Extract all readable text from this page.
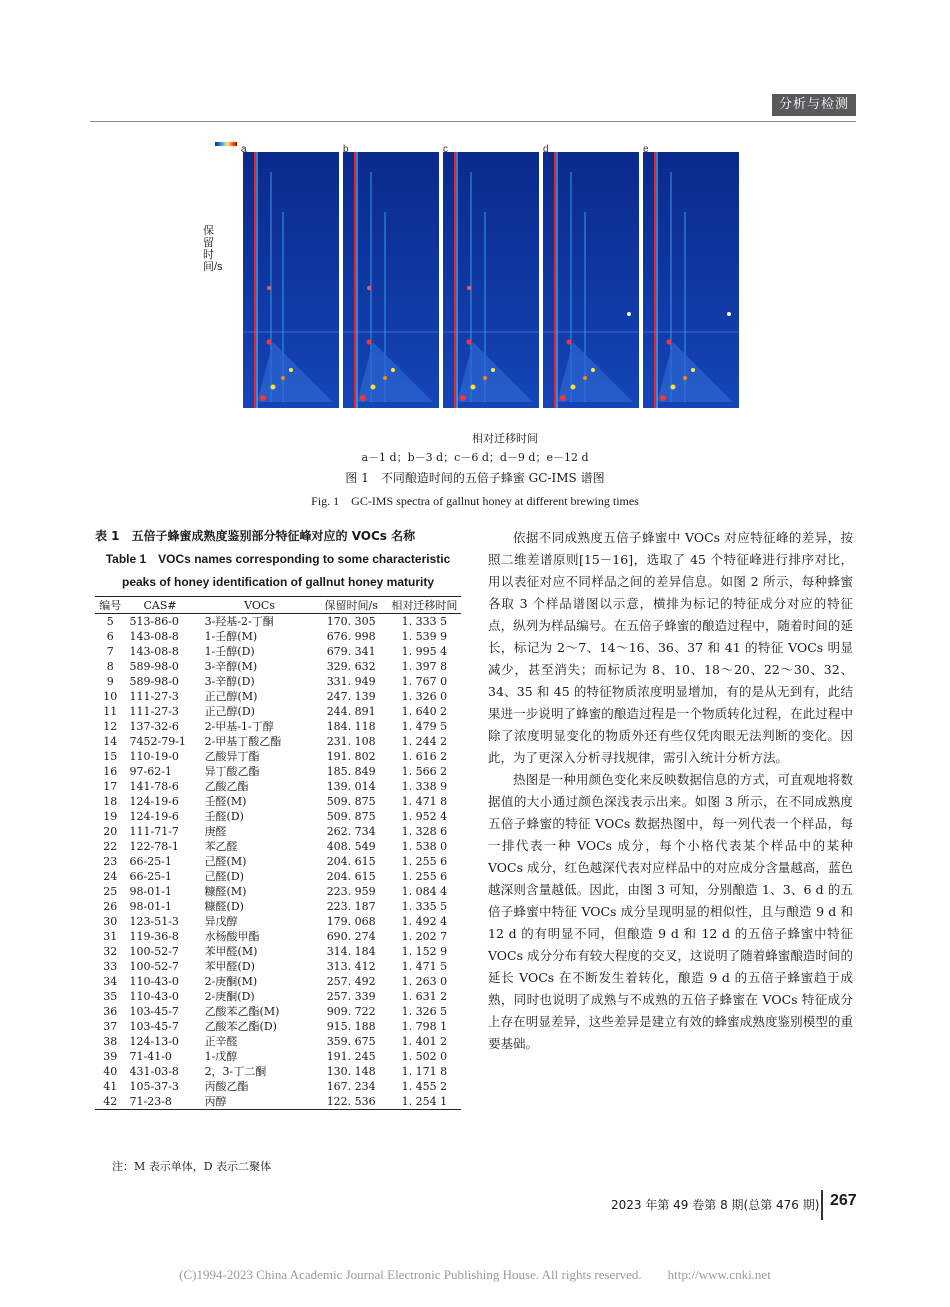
分析与检测
a	b	c	d	e
保留时间/s
相对迁移时间
a－1 d；b－3 d；c－6 d；d－9 d；e－12 d
图 1　不同酿造时间的五倍子蜂蜜 GC-IMS 谱图
Fig. 1　GC-IMS spectra of gallnut honey at different brewing times
表 1　五倍子蜂蜜成熟度鉴别部分特征峰对应的 VOCs 名称
Table 1　VOCs names corresponding to some characteristic peaks of honey identification of gallnut honey maturity
编号	CAS#	VOCs	保留时间/s	相对迁移时间
5	513-86-0	3-羟基-2-丁酮	170. 305	1. 333 5
6	143-08-8	1-壬醇(M)	676. 998	1. 539 9
7	143-08-8	1-壬醇(D)	679. 341	1. 995 4
8	589-98-0	3-辛醇(M)	329. 632	1. 397 8
9	589-98-0	3-辛醇(D)	331. 949	1. 767 0
10	111-27-3	正己醇(M)	247. 139	1. 326 0
11	111-27-3	正己醇(D)	244. 891	1. 640 2
12	137-32-6	2-甲基-1-丁醇	184. 118	1. 479 5
14	7452-79-1	2-甲基丁酸乙酯	231. 108	1. 244 2
15	110-19-0	乙酸异丁酯	191. 802	1. 616 2
16	97-62-1	异丁酸乙酯	185. 849	1. 566 2
17	141-78-6	乙酸乙酯	139. 014	1. 338 9
18	124-19-6	壬醛(M)	509. 875	1. 471 8
19	124-19-6	壬醛(D)	509. 875	1. 952 4
20	111-71-7	庚醛	262. 734	1. 328 6
22	122-78-1	苯乙醛	408. 549	1. 538 0
23	66-25-1	己醛(M)	204. 615	1. 255 6
24	66-25-1	己醛(D)	204. 615	1. 255 6
25	98-01-1	糠醛(M)	223. 959	1. 084 4
26	98-01-1	糠醛(D)	223. 187	1. 335 5
30	123-51-3	异戊醇	179. 068	1. 492 4
31	119-36-8	水杨酸甲酯	690. 274	1. 202 7
32	100-52-7	苯甲醛(M)	314. 184	1. 152 9
33	100-52-7	苯甲醛(D)	313. 412	1. 471 5
34	110-43-0	2-庚酮(M)	257. 492	1. 263 0
35	110-43-0	2-庚酮(D)	257. 339	1. 631 2
36	103-45-7	乙酸苯乙酯(M)	909. 722	1. 326 5
37	103-45-7	乙酸苯乙酯(D)	915. 188	1. 798 1
38	124-13-0	正辛醛	359. 675	1. 401 2
39	71-41-0	1-戊醇	191. 245	1. 502 0
40	431-03-8	2，3-丁二酮	130. 148	1. 171 8
41	105-37-3	丙酸乙酯	167. 234	1. 455 2
42	71-23-8	丙醇	122. 536	1. 254 1
注：M 表示单体，D 表示二聚体

依据不同成熟度五倍子蜂蜜中 VOCs 对应特征峰的差异，按照二维差谱原则[15－16]，选取了 45 个特征峰进行排序对比，用以表征对应不同样品之间的差异信息。如图 2 所示，每种蜂蜜各取 3 个样品谱图以示意，横排为标记的特征成分对应的特征点，纵列为样品编号。在五倍子蜂蜜的酿造过程中，随着时间的延长，标记为 2～7、14～16、36、37 和 41 的特征 VOCs 明显减少，甚至消失；而标记为 8、10、18～20、22～30、32、34、35 和 45 的特征物质浓度明显增加，有的是从无到有，此结果进一步说明了蜂蜜的酿造过程是一个物质转化过程，在此过程中除了浓度明显变化的物质外还有些仅凭肉眼无法判断的变化。因此，为了更深入分析寻找规律，需引入统计分析方法。

热图是一种用颜色变化来反映数据信息的方式，可直观地将数据值的大小通过颜色深浅表示出来。如图 3 所示，在不同成熟度五倍子蜂蜜的特征 VOCs 数据热图中，每一列代表一个样品，每一排代表一种 VOCs 成分，每个小格代表某个样品中的某种 VOCs 成分，红色越深代表对应样品中的对应成分含量越高，蓝色越深则含量越低。因此，由图 3 可知，分别酿造 1、3、6 d 的五倍子蜂蜜中特征 VOCs 成分呈现明显的相似性，且与酿造 9 d 和 12 d 的有明显不同，但酿造 9 d 和 12 d 的五倍子蜂蜜中特征 VOCs 成分分布有较大程度的交叉，这说明了随着蜂蜜酿造时间的延长 VOCs 在不断发生着转化，酿造 9 d 的五倍子蜂蜜趋于成熟，同时也说明了成熟与不成熟的五倍子蜂蜜在 VOCs 特征成分上存在明显差异，这些差异是建立有效的蜂蜜成熟度鉴别模型的重要基础。

2023 年第 49 卷第 8 期(总第 476 期) 267
(C)1994-2023 China Academic Journal Electronic Publishing House. All rights reserved.　　http://www.cnki.net
